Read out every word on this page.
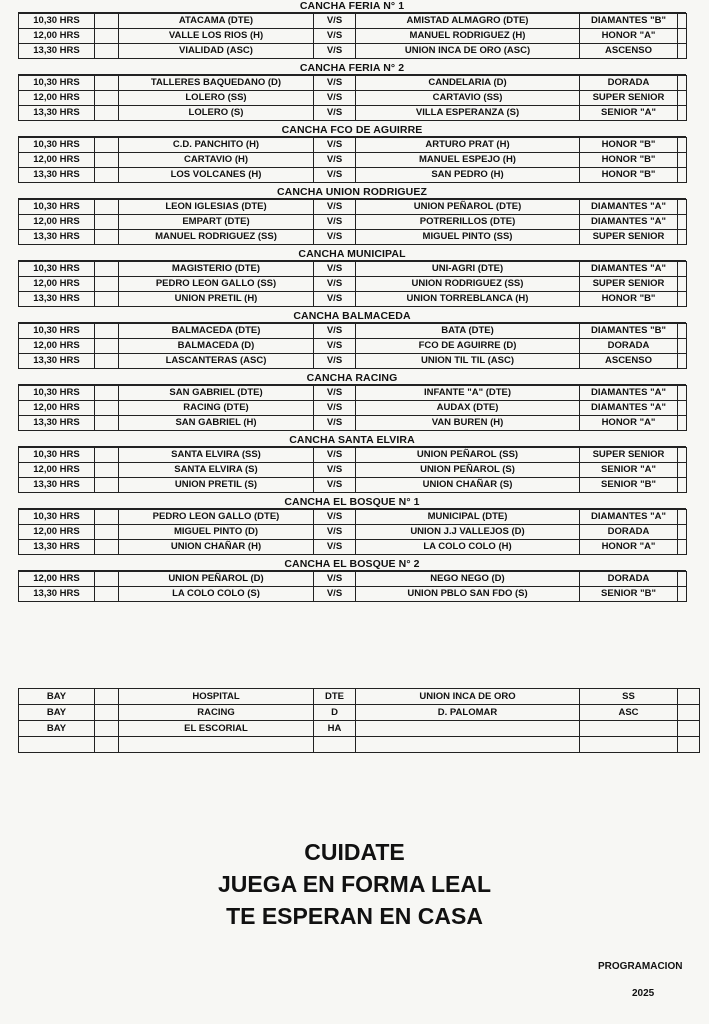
CANCHA FERIA N° 1
10,30 HRS		ATACAMA (DTE)	V/S	AMISTAD ALMAGRO (DTE)	DIAMANTES "B"	
12,00 HRS		VALLE LOS RIOS (H)	V/S	MANUEL RODRIGUEZ (H)	HONOR "A"	
13,30 HRS		VIALIDAD (ASC)	V/S	UNION INCA DE ORO (ASC)	ASCENSO	
CANCHA FERIA N° 2
10,30 HRS		TALLERES BAQUEDANO (D)	V/S	CANDELARIA (D)	DORADA	
12,00 HRS		LOLERO (SS)	V/S	CARTAVIO (SS)	SUPER SENIOR	
13,30 HRS		LOLERO (S)	V/S	VILLA ESPERANZA (S)	SENIOR "A"	
CANCHA FCO DE AGUIRRE
10,30 HRS		C.D. PANCHITO (H)	V/S	ARTURO PRAT (H)	HONOR "B"	
12,00 HRS		CARTAVIO (H)	V/S	MANUEL ESPEJO (H)	HONOR "B"	
13,30 HRS		LOS VOLCANES (H)	V/S	SAN PEDRO (H)	HONOR "B"	
CANCHA UNION RODRIGUEZ
10,30 HRS		LEON IGLESIAS (DTE)	V/S	UNION PEÑAROL (DTE)	DIAMANTES "A"	
12,00 HRS		EMPART (DTE)	V/S	POTRERILLOS (DTE)	DIAMANTES "A"	
13,30 HRS		MANUEL RODRIGUEZ (SS)	V/S	MIGUEL PINTO (SS)	SUPER SENIOR	
CANCHA MUNICIPAL
10,30 HRS		MAGISTERIO (DTE)	V/S	UNI-AGRI (DTE)	DIAMANTES "A"	
12,00 HRS		PEDRO LEON GALLO (SS)	V/S	UNION RODRIGUEZ (SS)	SUPER SENIOR	
13,30 HRS		UNION PRETIL (H)	V/S	UNION TORREBLANCA (H)	HONOR "B"	
CANCHA BALMACEDA
10,30 HRS		BALMACEDA (DTE)	V/S	BATA (DTE)	DIAMANTES "B"	
12,00 HRS		BALMACEDA (D)	V/S	FCO DE AGUIRRE (D)	DORADA	
13,30 HRS		LASCANTERAS (ASC)	V/S	UNION TIL TIL (ASC)	ASCENSO	
CANCHA RACING
10,30 HRS		SAN GABRIEL (DTE)	V/S	INFANTE "A" (DTE)	DIAMANTES "A"	
12,00 HRS		RACING (DTE)	V/S	AUDAX (DTE)	DIAMANTES "A"	
13,30 HRS		SAN GABRIEL (H)	V/S	VAN BUREN (H)	HONOR "A"	
CANCHA SANTA ELVIRA
10,30 HRS		SANTA ELVIRA (SS)	V/S	UNION PEÑAROL (SS)	SUPER SENIOR	
12,00 HRS		SANTA ELVIRA (S)	V/S	UNION PEÑAROL (S)	SENIOR "A"	
13,30 HRS		UNION PRETIL (S)	V/S	UNION CHAÑAR (S)	SENIOR "B"	
CANCHA EL BOSQUE N° 1
10,30 HRS		PEDRO LEON GALLO (DTE)	V/S	MUNICIPAL (DTE)	DIAMANTES "A"	
12,00 HRS		MIGUEL PINTO (D)	V/S	UNION J.J VALLEJOS (D)	DORADA	
13,30 HRS		UNION CHAÑAR (H)	V/S	LA COLO COLO (H)	HONOR "A"	
CANCHA EL BOSQUE N° 2
12,00 HRS		UNION PEÑAROL (D)	V/S	NEGO NEGO (D)	DORADA	
13,30 HRS		LA COLO COLO (S)	V/S	UNION PBLO SAN FDO (S)	SENIOR "B"	
BAY		HOSPITAL	DTE	UNION INCA DE ORO	SS	
BAY		RACING	D	D. PALOMAR	ASC	
BAY		EL ESCORIAL	HA			

CUIDATE
JUEGA EN FORMA LEAL
TE ESPERAN EN CASA
PROGRAMACION
2025
